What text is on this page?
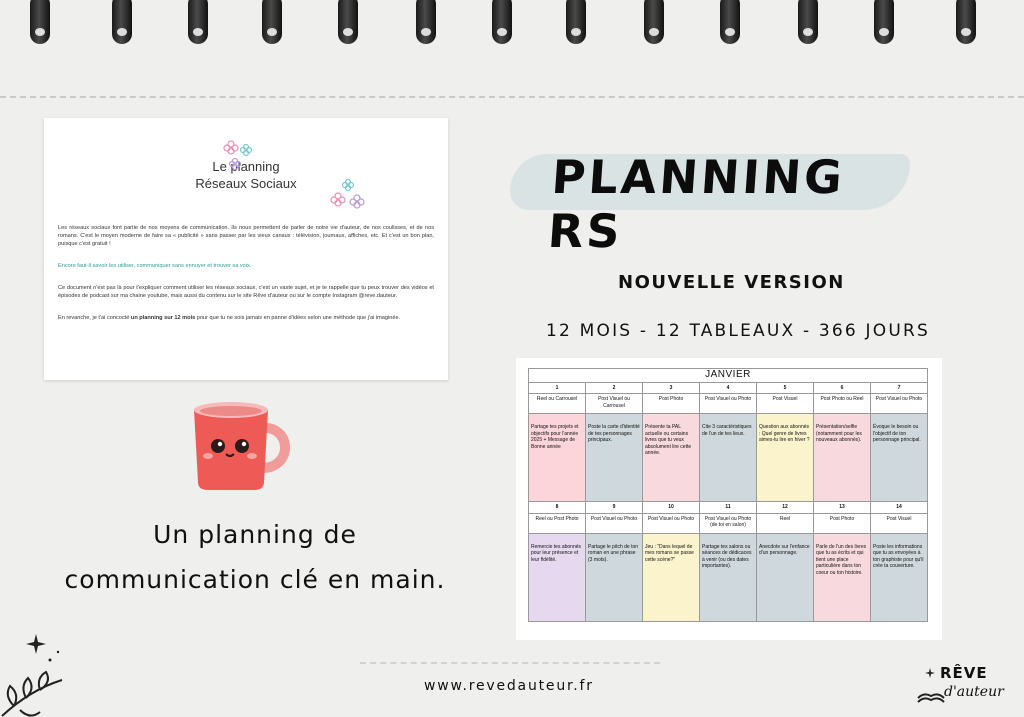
Le planning
Réseaux Sociaux

Les réseaux sociaux font partie de nos moyens de communication. Ils nous permettent de parler de notre vie d'auteur, de nos coulisses, et de nos romans. C'est le moyen moderne de faire sa « publicité » sans passer par les vieux canaux : télévision, journaux, affiches, etc. Et c'est un bon plan, puisque c'est gratuit !

Encore faut-il savoir les utiliser, communiquer sans ennuyer et trouver sa voix.

Ce document n'est pas là pour t'expliquer comment utiliser les réseaux sociaux, c'est un vaste sujet, et je te rappelle que tu peux trouver des vidéos et épisodes de podcast sur ma chaine youtube, mais aussi du contenu sur le site Rêve d'auteur ou sur le compte Instagram @reve.dauteur.

En revanche, je t'ai concocté un planning sur 12 mois pour que tu ne sois jamais en panne d'idées selon une méthode que j'ai imaginée.

PLANNING RS
NOUVELLE VERSION
12 MOIS - 12 TABLEAUX - 366 JOURS
JANVIER						
1	2	3	4	5	6	7
Reel ou Carrousel	Post Visuel ou Carrousel	Post Photo	Post Visuel ou Photo	Post Visuel	Post Photo ou Reel	Post Visuel ou Photo
Partage tes projets et objectifs pour l'année 2025 + Message de Bonne année	Poste la carte d'identité de tes personnages principaux.	Présente ta PAL actuelle ou certains livres que tu veux absolument lire cette année.	Cite 3 caractéristiques de l'un de tes lieux.	Question aux abonnés : Quel genre de livres aimes-tu lire en hiver ?	Présentation/selfie (notamment pour les nouveaux abonnés).	Évoque le besoin ou l'objectif de ton personnage principal.
8	9	10	11	12	13	14
Reel ou Post Photo	Post Visuel ou Photo	Post Visuel ou Photo	Post Visuel ou Photo (de toi en salon)	Reel	Post Photo	Post Visuel
Remercie tes abonnés pour leur présence et leur fidélité.	Partage le pitch de ton roman en une phrase (3 mots).	Jeu : "Dans lequel de mes romans se passe cette scène?"	Partage tes salons ou séances de dédicaces à venir (ou des dates importantes).	Anecdote sur l'enfance d'un personnage.	Parle de l'un des livres que tu as écrits et qui tient une place particulière dans ton coeur ou ton histoire.	Poste les informations que tu as envoyées à ton graphiste pour qu'il crée ta couverture.
Un planning de
communication clé en main.
www.revedauteur.fr
RÊVE
d'auteur
